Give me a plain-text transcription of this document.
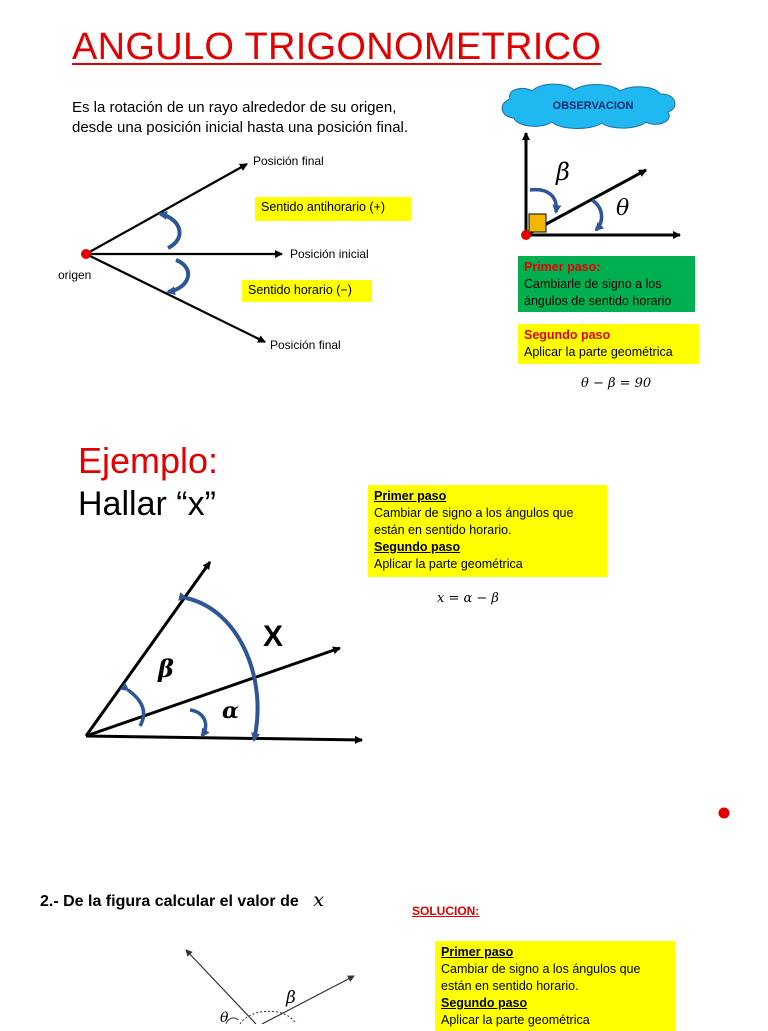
ANGULO TRIGONOMETRICO
Es la rotación de un rayo alrededor de su origen,
desde una posición inicial hasta una posición final.
Posición final
Posición inicial
Posición final
origen
Sentido antihorario (+)
Sentido horario (−)
OBSERVACION
β
θ
Primer paso:
Cambiarle de signo a los
ángulos de sentido horario
Segundo paso
Aplicar la parte geométrica
θ − β = 90
Ejemplo:
Hallar “x”	Primer paso
Cambiar de signo a los ángulos que
están en sentido horario.
Segundo paso
Aplicar la parte geométrica
x = α − β
X
β
α
2.- De la figura calcular el valor de x	SOLUCION:
Primer paso
Cambiar de signo a los ángulos que
están en sentido horario.
Segundo paso
Aplicar la parte geométrica
β
θ
